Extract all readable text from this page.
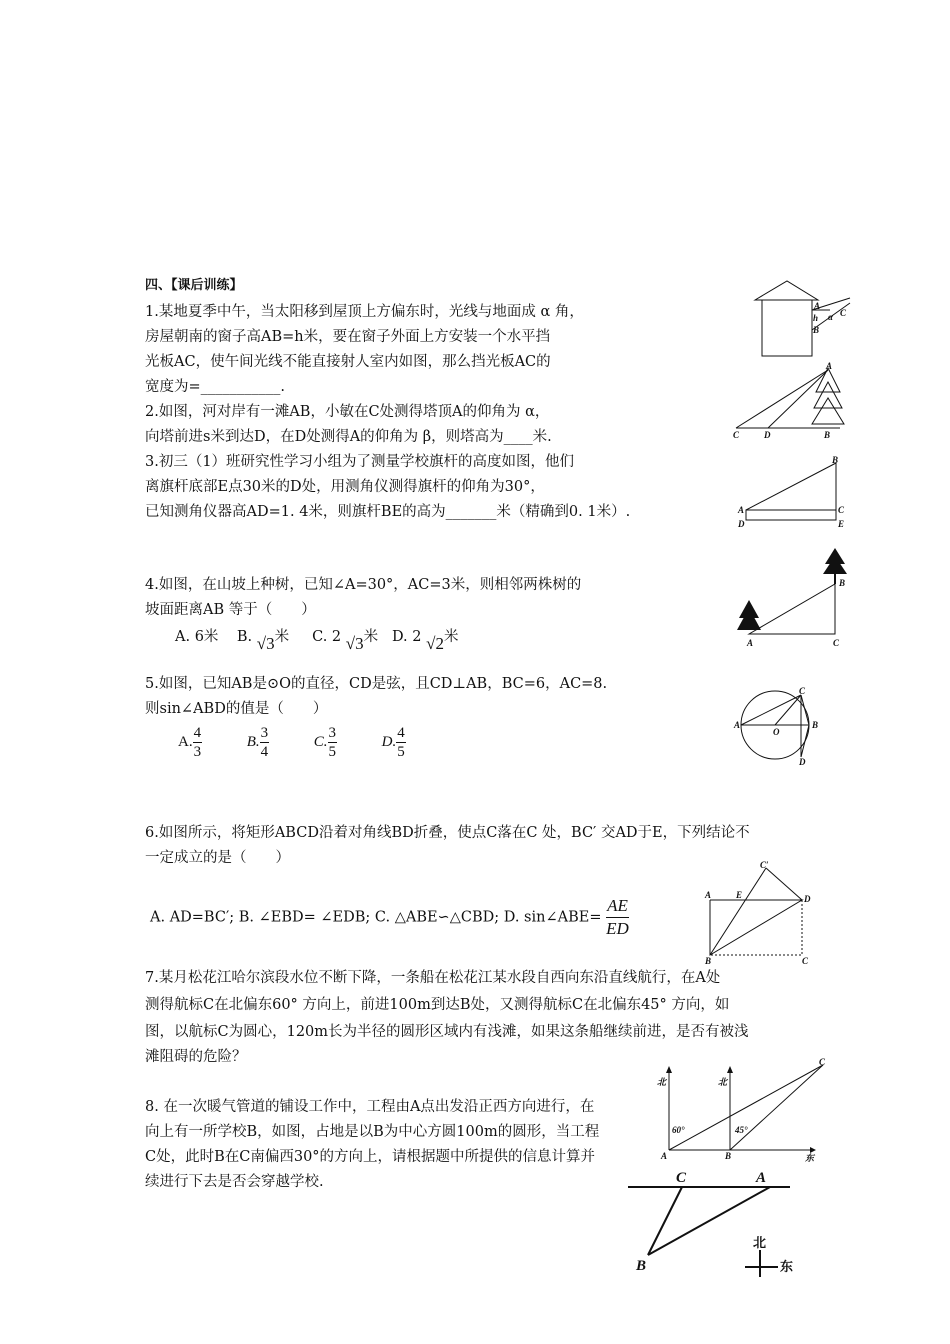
四、【课后训练】
1.某地夏季中午，当太阳移到屋顶上方偏东时，光线与地面成 α 角，
房屋朝南的窗子高AB=h米，要在窗子外面上方安装一个水平挡
光板AC，使午间光线不能直接射人室内如图，那么挡光板AC的
宽度为=___________.
2.如图，河对岸有一滩AB，小敏在C处测得塔顶A的仰角为 α，
向塔前进s米到达D，在D处测得A的仰角为 β，则塔高为____米.
3.初三（1）班研究性学习小组为了测量学校旗杆的高度如图，他们
离旗杆底部E点30米的D处，用测角仪测得旗杆的仰角为30°，
已知测角仪器高AD=1. 4米，则旗杆BE的高为_______米（精确到0. 1米）.
4.如图，在山坡上种树，已知∠A=30°，AC=3米，则相邻两株树的
坡面距离AB 等于（　　）
A. 6米 B. √3米 C. 2 √3米 D. 2 √2米
5.如图，已知AB是⊙O的直径，CD是弦，且CD⊥AB，BC=6，AC=8.
则sin∠ABD的值是（　　）
A. $\frac{4}{3}$	B. $\frac{3}{4}$	C. $\frac{3}{5}$	D. $\frac{4}{5}$
6.如图所示，将矩形ABCD沿着对角线BD折叠，使点C落在C 处，BC′ 交AD于E，下列结论不
一定成立的是（　　）
A. AD=BC′; B. ∠EBD= ∠EDB; C. △ABE∽△CBD; D. sin∠ABE= $\frac{AE}{ED}$
7.某月松花江哈尔滨段水位不断下降，一条船在松花江某水段自西向东沿直线航行，在A处
测得航标C在北偏东60° 方向上，前进100m到达B处，又测得航标C在北偏东45° 方向，如
图，以航标C为圆心，120m长为半径的圆形区域内有浅滩，如果这条船继续前进，是否有被浅
滩阻碍的危险？
8. 在一次暖气管道的铺设工作中，工程由A点出发沿正西方向进行，在
向上有一所学校B，如图，占地是以B为中心方圆100m的圆形，当工程
C处，此时B在C南偏西30°的方向上，请根据题中所提供的信息计算并
续进行下去是否会穿越学校.
A
h
B
C
α
C	D	B
A
A
D
C
E
B
A
B
C
A	B
C
D
O
A	E	D
B	C
C′
北	北
60°	45°
A	B	东
C
C	A
B
北
东
